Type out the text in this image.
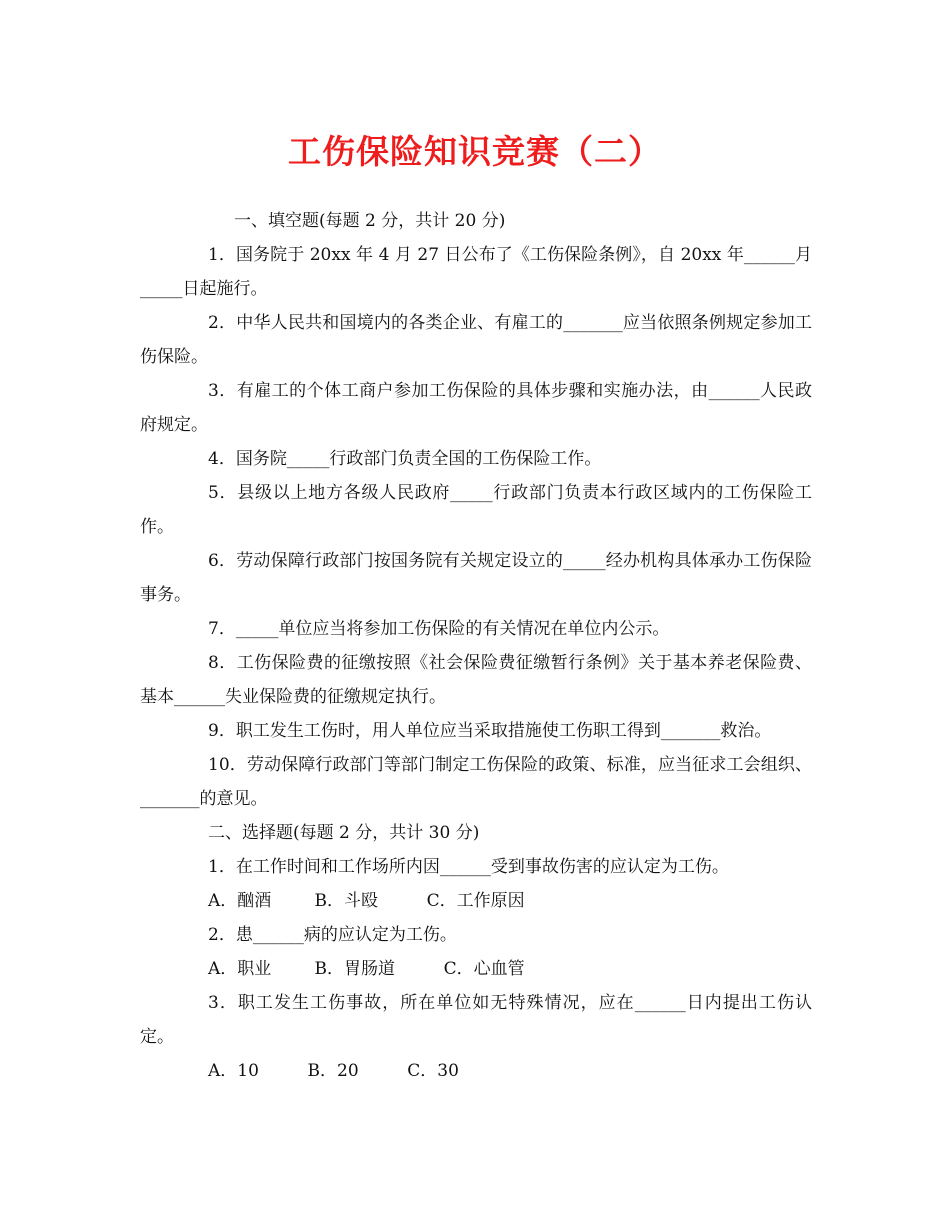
工伤保险知识竞赛（二）

一、填空题(每题 2 分，共计 20 分)

1．国务院于 20xx 年 4 月 27 日公布了《工伤保险条例》，自 20xx 年______月_____日起施行。

2．中华人民共和国境内的各类企业、有雇工的_______应当依照条例规定参加工伤保险。

3．有雇工的个体工商户参加工伤保险的具体步骤和实施办法，由______人民政府规定。

4．国务院_____行政部门负责全国的工伤保险工作。

5．县级以上地方各级人民政府_____行政部门负责本行政区域内的工伤保险工作。

6．劳动保障行政部门按国务院有关规定设立的_____经办机构具体承办工伤保险事务。

7．_____单位应当将参加工伤保险的有关情况在单位内公示。

8．工伤保险费的征缴按照《社会保险费征缴暂行条例》关于基本养老保险费、基本______失业保险费的征缴规定执行。

9．职工发生工伤时，用人单位应当采取措施使工伤职工得到_______救治。

10．劳动保障行政部门等部门制定工伤保险的政策、标准，应当征求工会组织、_______的意见。

二、选择题(每题 2 分，共计 30 分)

1．在工作时间和工作场所内因______受到事故伤害的应认定为工伤。

A．酗酒        B．斗殴         C．工作原因

2．患______病的应认定为工伤。

A．职业        B．胃肠道         C．心血管

3．职工发生工伤事故，所在单位如无特殊情况，应在______日内提出工伤认定。

A．10         B．20         C．30
